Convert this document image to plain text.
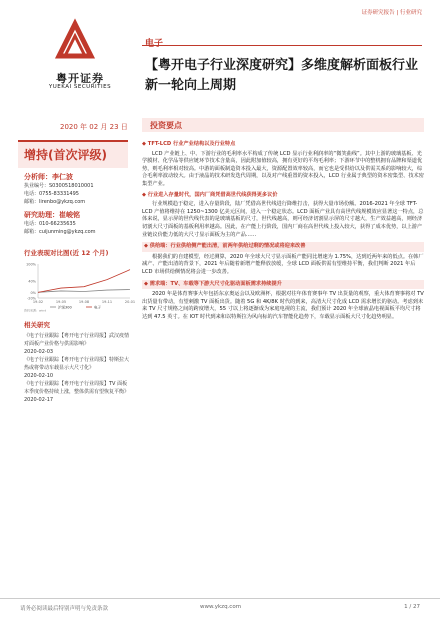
证券研究报告 | 行业研究
粤开证券
YUEKAI SECURITIES
电子
【粤开电子行业深度研究】多维度解析面板行业新一轮向上周期
2020 年 02 月 23 日	投资要点
增持(首次评级)
分析师：李仁波
执业编号：S0300518010001
电话：0755-83331495
邮箱：lirenbo@ykzq.com
研究助理：崔峻铭
电话：010-66235635
邮箱：cuijunming@ykzq.com
行业表现对比图(近 12 个月)
-20%
0%
40%
100%
19-02	19-05	19-08	19-11	20-01
沪深300	电子
资料来源：wind
相关研究
《电子行业跟踪【粤开电子行业周报】武汉疫情对面板产业价格与供需影响》
2020-02-03
《电子行业跟踪【粤开电子行业周报】特斯拉大热或将带动车载显示大尺寸化》
2020-02-10
《电子行业跟踪【粤开电子行业周报】TV 面板本季度价格持续上涨，整体供需有望恢复平衡》2020-02-17
◆ TFT-LCD 行业产业结构以及行业特点

LCD 产业链上、中、下游行业的毛利率水平构成了传统 LCD 显示行业利润率的“微笑曲线”。其中上游的玻璃基板、光学膜材、化学品等供应链环节技术含量高，因此附加值较高，拥有更好的平均毛利率；下游环节中的整机拥有品牌和渠道优势，则毛利率相对较高。中游的面板制造资本投入最大，资源配置效率较高，而它也是受供给以及供需关系的影响较大，综合毛利率波动较大。由于液晶的技术研发迭代周期，以及对产线重置的资本投入，LCD 行业属于典型的资本密集型、技术密集型产业。

◆ 行业进入存量时代，国内厂商凭借高世代线获得更多议价

行业规模趋于稳定，进入存量阶段，陆厂凭借高世代线进行降维打击，获得大量市场份额。2016-2021 年全球 TFT-LCD 产值将维持在 1250~1300 亿美元区间，进入一个稳定状态。LCD 面板产业具有高世代线规模效应显著这一特点，总体来说，显示屏的世代线代表的是玻璃基板的尺寸，世代线越高，则可经济切割显示屏的尺寸越大，生产效益越高，则经济切割大尺寸面板的基板利用率越高。因此，在产能上行阶段，国内厂商在高世代线上投入较大，获得了成本优势，以上游产业链议价能力低的大尺寸显示面板为主的产品……

◆ 供给端：行业供给侧产能出清，前两年供给过剩的情况或将迎来改善

根据我们的自建模型，经过测算，2020 年全球大尺寸显示面板产能同比增速为 1.75%，达到近两年来的低点。在韩厂减产、产能出清的背景下，2021 年后随着新增产能释放放缓，全球 LCD 面板供需有望维持平衡，我们判断 2021 年后 LCD 市场供给侧情况将会进一步改善。

◆ 需求端：TV、车载等下游大尺寸化驱动面板需求持续提升

2020 年是体育赛事大年包括东京奥运会以及欧洲杯，根据对往年体育赛事年 TV 出货量的观察，重大体育赛事将对 TV 出货量有带动，有望刺激 TV 面板出货。随着 5G 和 4K/8K 时代的到来，高清大尺寸化成 LCD 需求增长的驱动。考虑到未来 TV 尺寸规格之间的跨度增大，55 寸以上将逐渐成为家庭电视的主流，我们预计 2020 年全球液晶电视面板平均尺寸将达到 47.5 英寸。在 IOT 时代到来和以特斯拉为风向标的汽车智能化趋势下，车载显示面板大尺寸化趋势明显。

请务必阅读最后特别声明与免责条款	www.ykzq.com	1 / 27
